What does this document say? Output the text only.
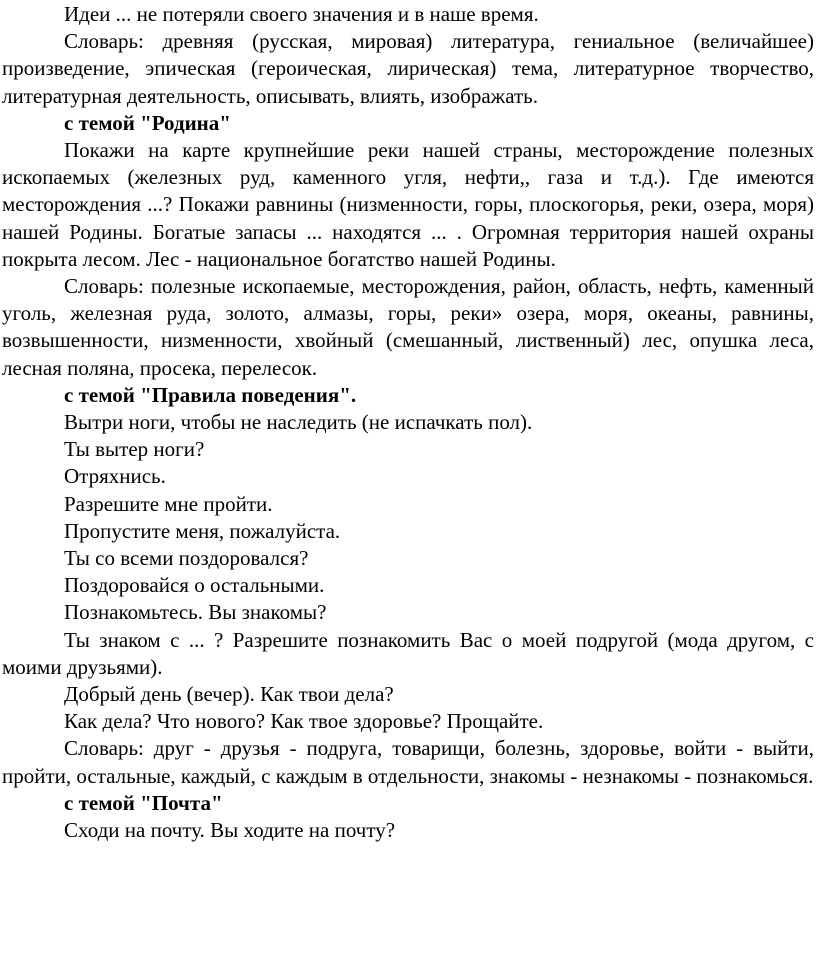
Идеи ... не потеряли своего значения и в наше время.

Словарь: древняя (русская, мировая) литература, гениальное (величайшее) произведение, эпическая (героическая, лирическая) тема, литературное творчество, литературная деятельность, описывать, влиять, изображать.

с темой "Родина"

Покажи на карте крупнейшие реки нашей страны, месторождение полезных ископаемых (железных руд, каменного угля, нефти,, газа и т.д.). Где имеются месторождения ...? Покажи равнины (низменности, горы, плоскогорья, реки, озера, моря) нашей Родины. Богатые запасы ... находятся ... . Огромная территория нашей охраны покрыта лесом. Лес - национальное богатство нашей Родины.

Словарь: полезные ископаемые, месторождения, район, область, нефть, каменный уголь, железная руда, золото, алмазы, горы, реки» озера, моря, океаны, равнины, возвышенности, низменности, хвойный (смешанный, лиственный) лес, опушка леса, лесная поляна, просека, перелесок.

с темой "Правила поведения".

Вытри ноги, чтобы не наследить (не испачкать пол).

Ты вытер ноги?

Отряхнись.

Разрешите мне пройти.

Пропустите меня, пожалуйста.

Ты со всеми поздоровался?

Поздоровайся о остальными.

Познакомьтесь. Вы знакомы?

Ты знаком с ... ? Разрешите познакомить Вас о моей подругой (мода другом, с моими друзьями).

Добрый день (вечер). Как твои дела?

Как дела? Что нового? Как твое здоровье? Прощайте.

Словарь: друг - друзья - подруга, товарищи, болезнь, здоровье, войти - выйти, пройти, остальные, каждый, с каждым в отдельности, знакомы - незнакомы - познакомься.

с темой "Почта"

Сходи на почту. Вы ходите на почту?
